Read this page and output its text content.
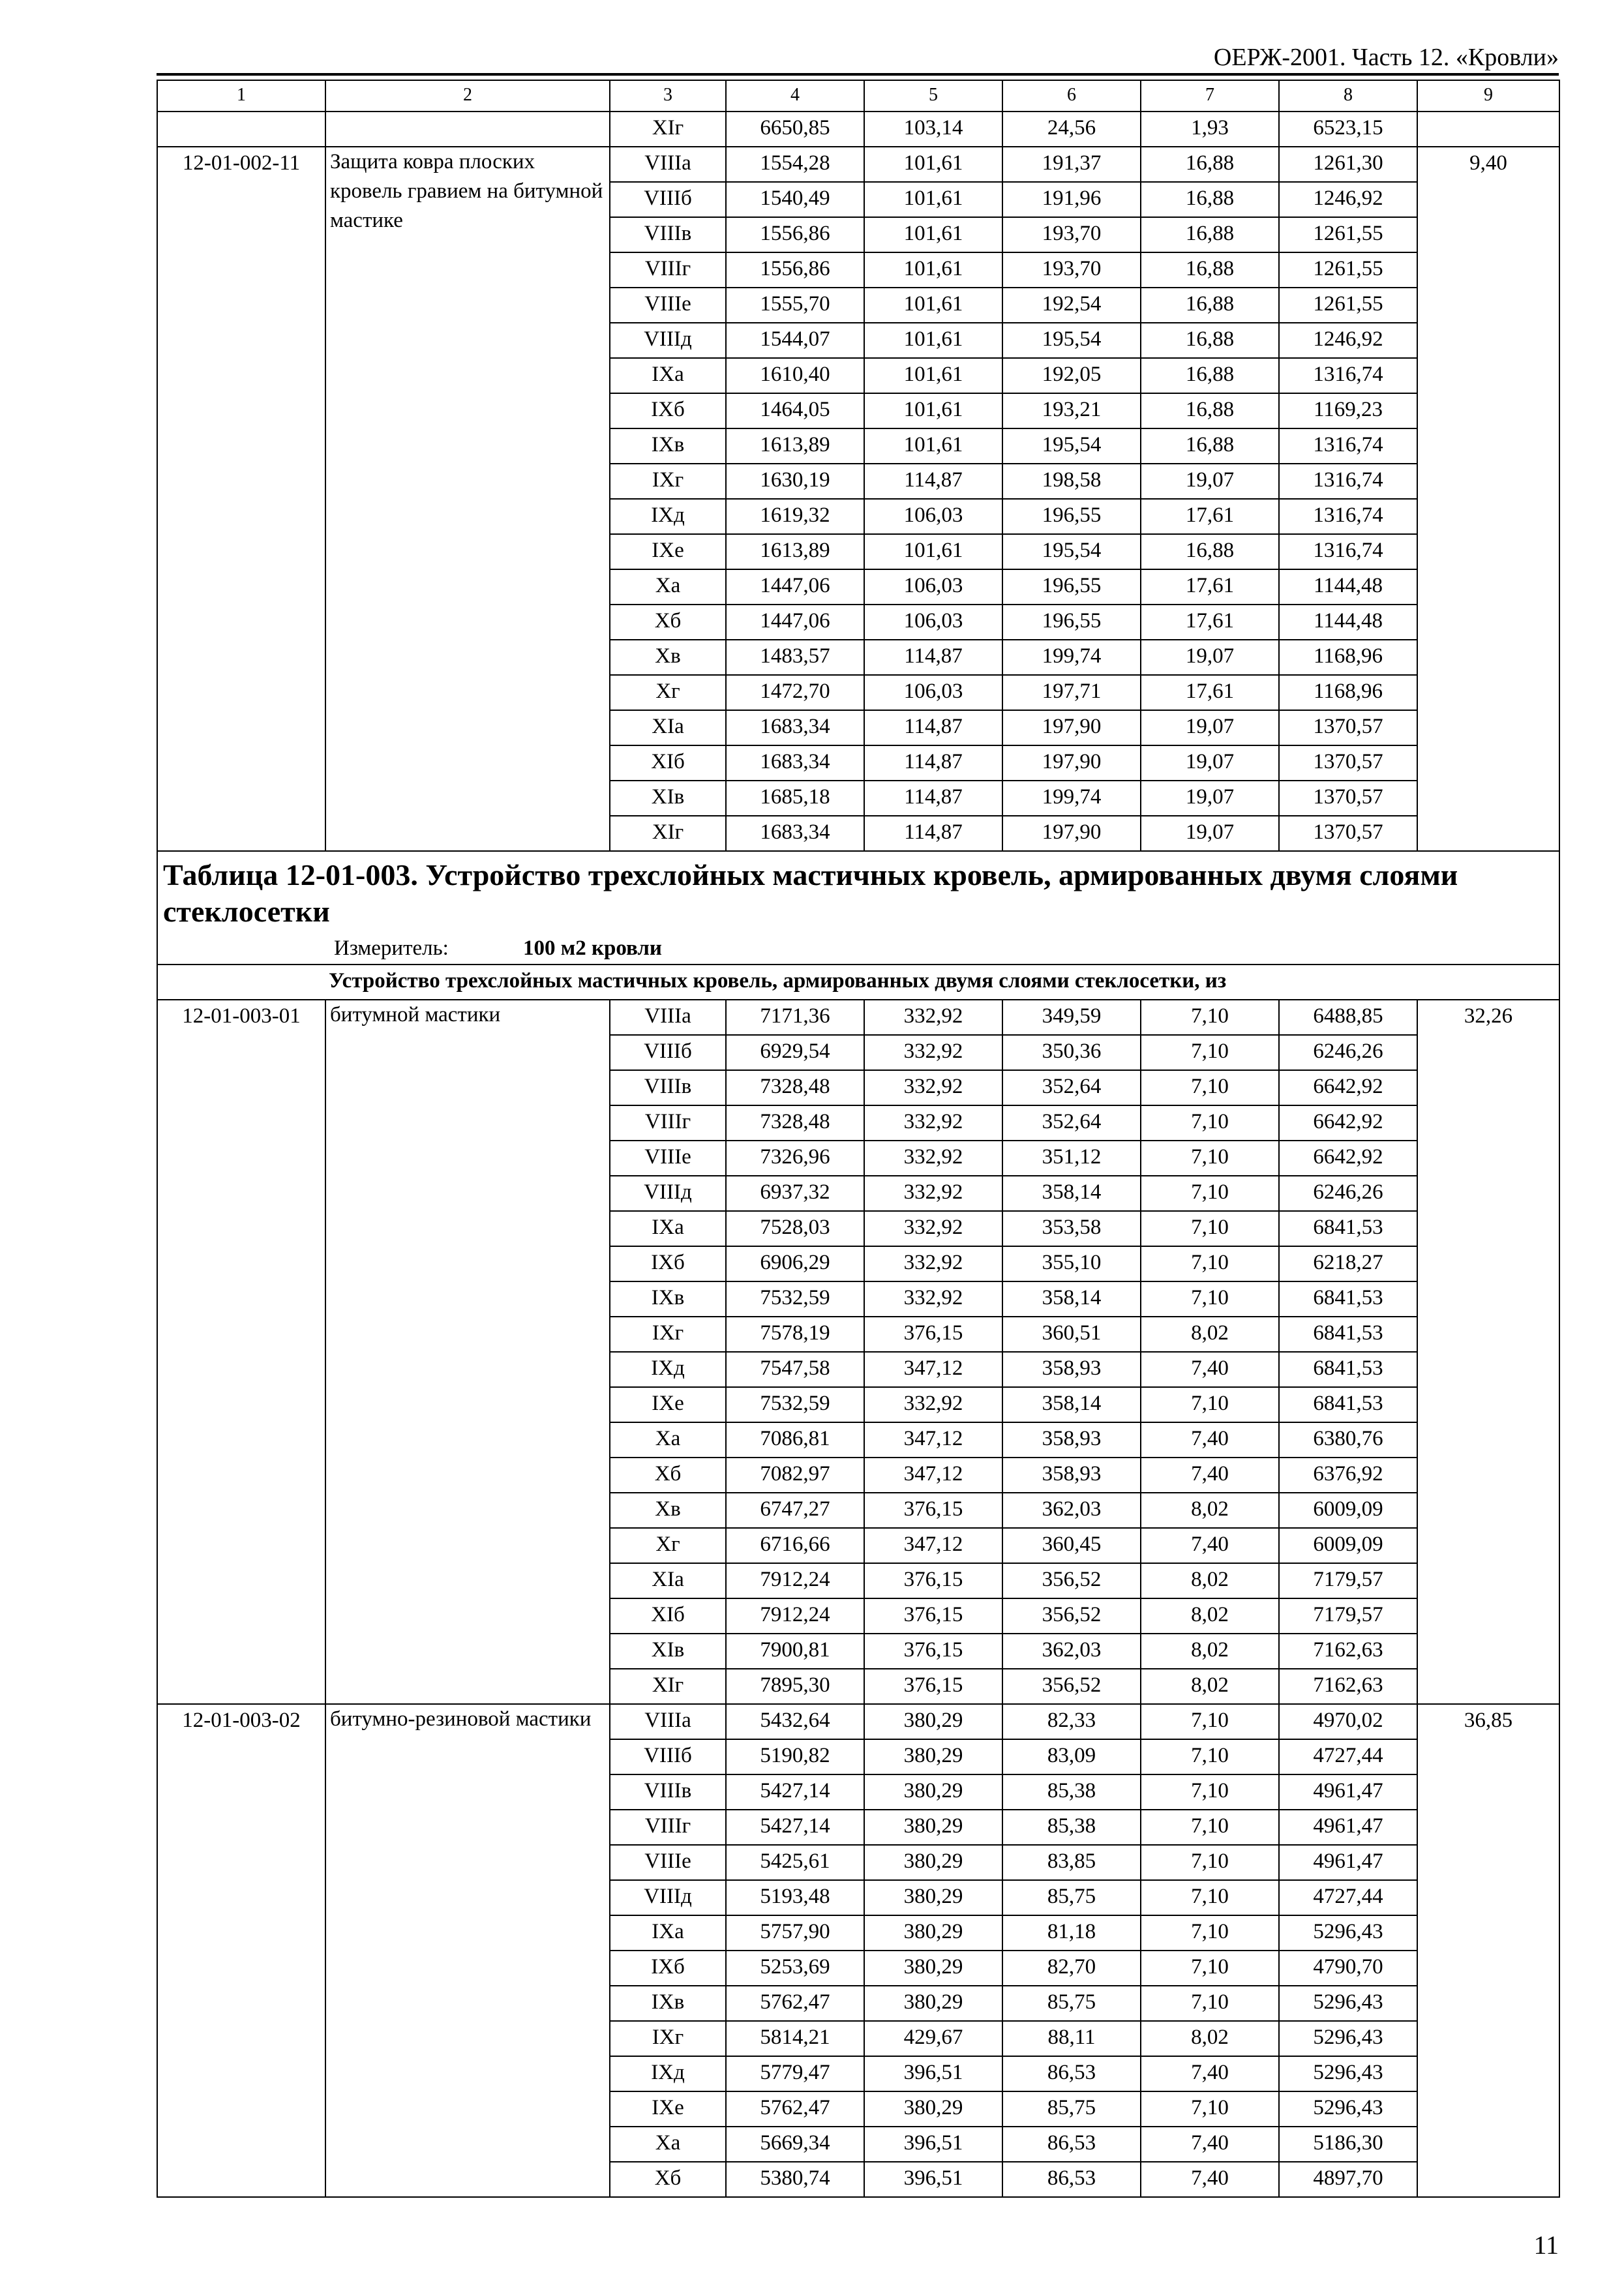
ОЕРЖ-2001. Часть 12. «Кровли»
1	2	3	4	5	6	7	8	9
		XIг	6650,85	103,14	24,56	1,93	6523,15	
12-01-002-11	Защита ковра плоских кровель гравием на битумной мастике	VIIIа	1554,28	101,61	191,37	16,88	1261,30	9,40
		VIIIб	1540,49	101,61	191,96	16,88	1246,92	
		VIIIв	1556,86	101,61	193,70	16,88	1261,55	
		VIIIг	1556,86	101,61	193,70	16,88	1261,55	
		VIIIе	1555,70	101,61	192,54	16,88	1261,55	
		VIIIд	1544,07	101,61	195,54	16,88	1246,92	
		IXа	1610,40	101,61	192,05	16,88	1316,74	
		IXб	1464,05	101,61	193,21	16,88	1169,23	
		IXв	1613,89	101,61	195,54	16,88	1316,74	
		IXг	1630,19	114,87	198,58	19,07	1316,74	
		IXд	1619,32	106,03	196,55	17,61	1316,74	
		IXе	1613,89	101,61	195,54	16,88	1316,74	
		Xа	1447,06	106,03	196,55	17,61	1144,48	
		Xб	1447,06	106,03	196,55	17,61	1144,48	
		Xв	1483,57	114,87	199,74	19,07	1168,96	
		Xг	1472,70	106,03	197,71	17,61	1168,96	
		XIа	1683,34	114,87	197,90	19,07	1370,57	
		XIб	1683,34	114,87	197,90	19,07	1370,57	
		XIв	1685,18	114,87	199,74	19,07	1370,57	
		XIг	1683,34	114,87	197,90	19,07	1370,57	

Таблица 12-01-003. Устройство трехслойных мастичных кровель, армированных двумя слоями стеклосетки
Измеритель: 100 м2 кровли								

Устройство трехслойных мастичных кровель, армированных двумя слоями стеклосетки, из								
12-01-003-01	битумной мастики	VIIIа	7171,36	332,92	349,59	7,10	6488,85	32,26
		VIIIб	6929,54	332,92	350,36	7,10	6246,26	
		VIIIв	7328,48	332,92	352,64	7,10	6642,92	
		VIIIг	7328,48	332,92	352,64	7,10	6642,92	
		VIIIе	7326,96	332,92	351,12	7,10	6642,92	
		VIIIд	6937,32	332,92	358,14	7,10	6246,26	
		IXа	7528,03	332,92	353,58	7,10	6841,53	
		IXб	6906,29	332,92	355,10	7,10	6218,27	
		IXв	7532,59	332,92	358,14	7,10	6841,53	
		IXг	7578,19	376,15	360,51	8,02	6841,53	
		IXд	7547,58	347,12	358,93	7,40	6841,53	
		IXе	7532,59	332,92	358,14	7,10	6841,53	
		Xа	7086,81	347,12	358,93	7,40	6380,76	
		Xб	7082,97	347,12	358,93	7,40	6376,92	
		Xв	6747,27	376,15	362,03	8,02	6009,09	
		Xг	6716,66	347,12	360,45	7,40	6009,09	
		XIа	7912,24	376,15	356,52	8,02	7179,57	
		XIб	7912,24	376,15	356,52	8,02	7179,57	
		XIв	7900,81	376,15	362,03	8,02	7162,63	
		XIг	7895,30	376,15	356,52	8,02	7162,63	
12-01-003-02	битумно-резиновой мастики	VIIIа	5432,64	380,29	82,33	7,10	4970,02	36,85
		VIIIб	5190,82	380,29	83,09	7,10	4727,44	
		VIIIв	5427,14	380,29	85,38	7,10	4961,47	
		VIIIг	5427,14	380,29	85,38	7,10	4961,47	
		VIIIе	5425,61	380,29	83,85	7,10	4961,47	
		VIIIд	5193,48	380,29	85,75	7,10	4727,44	
		IXа	5757,90	380,29	81,18	7,10	5296,43	
		IXб	5253,69	380,29	82,70	7,10	4790,70	
		IXв	5762,47	380,29	85,75	7,10	5296,43	
		IXг	5814,21	429,67	88,11	8,02	5296,43	
		IXд	5779,47	396,51	86,53	7,40	5296,43	
		IXе	5762,47	380,29	85,75	7,10	5296,43	
		Xа	5669,34	396,51	86,53	7,40	5186,30	
		Xб	5380,74	396,51	86,53	7,40	4897,70	
11
